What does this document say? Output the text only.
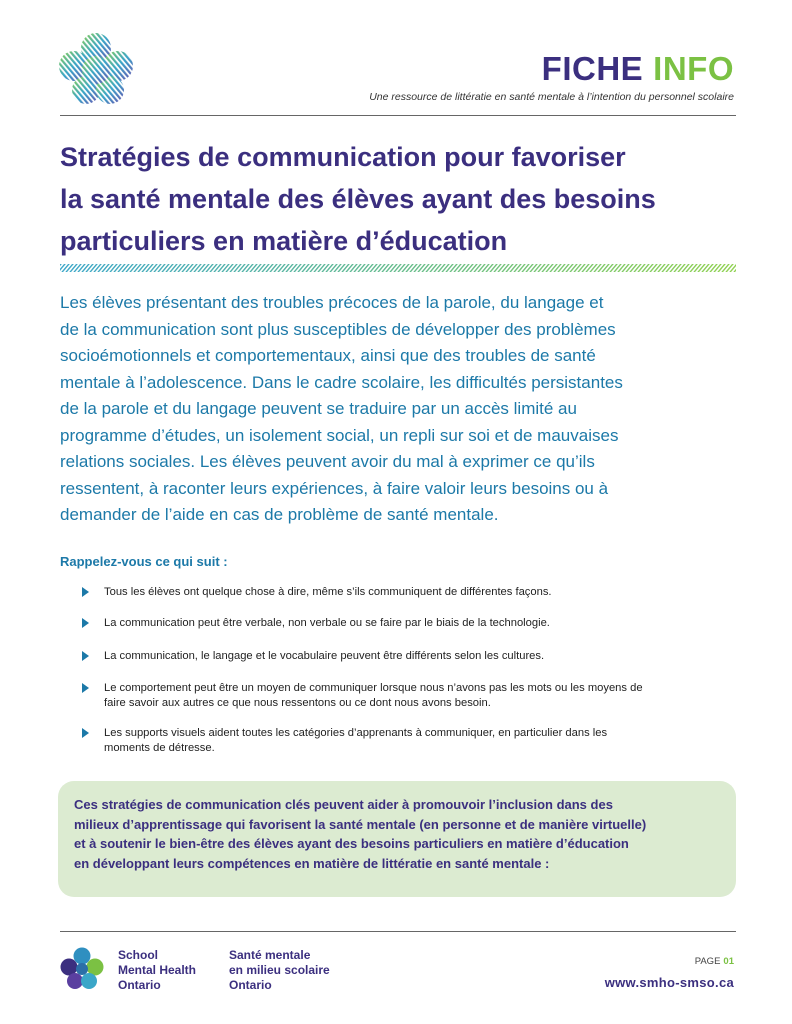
FICHE INFO
Une ressource de littératie en santé mentale à l’intention du personnel scolaire
Stratégies de communication pour favoriser
la santé mentale des élèves ayant des besoins
particuliers en matière d’éducation
Les élèves présentant des troubles précoces de la parole, du langage et
de la communication sont plus susceptibles de développer des problèmes
socioémotionnels et comportementaux, ainsi que des troubles de santé
mentale à l’adolescence. Dans le cadre scolaire, les difficultés persistantes
de la parole et du langage peuvent se traduire par un accès limité au
programme d’études, un isolement social, un repli sur soi et de mauvaises
relations sociales. Les élèves peuvent avoir du mal à exprimer ce qu’ils
ressentent, à raconter leurs expériences, à faire valoir leurs besoins ou à
demander de l’aide en cas de problème de santé mentale.
Rappelez-vous ce qui suit :
Tous les élèves ont quelque chose à dire, même s’ils communiquent de différentes façons.
La communication peut être verbale, non verbale ou se faire par le biais de la technologie.
La communication, le langage et le vocabulaire peuvent être différents selon les cultures.
Le comportement peut être un moyen de communiquer lorsque nous n’avons pas les mots ou les moyens de
faire savoir aux autres ce que nous ressentons ou ce dont nous avons besoin.
Les supports visuels aident toutes les catégories d’apprenants à communiquer, en particulier dans les
moments de détresse.
Ces stratégies de communication clés peuvent aider à promouvoir l’inclusion dans des
milieux d’apprentissage qui favorisent la santé mentale (en personne et de manière virtuelle)
et à soutenir le bien-être des élèves ayant des besoins particuliers en matière d’éducation
en développant leurs compétences en matière de littératie en santé mentale :
School
Mental Health
Ontario
Santé mentale
en milieu scolaire
Ontario
PAGE 01
www.smho-smso.ca
